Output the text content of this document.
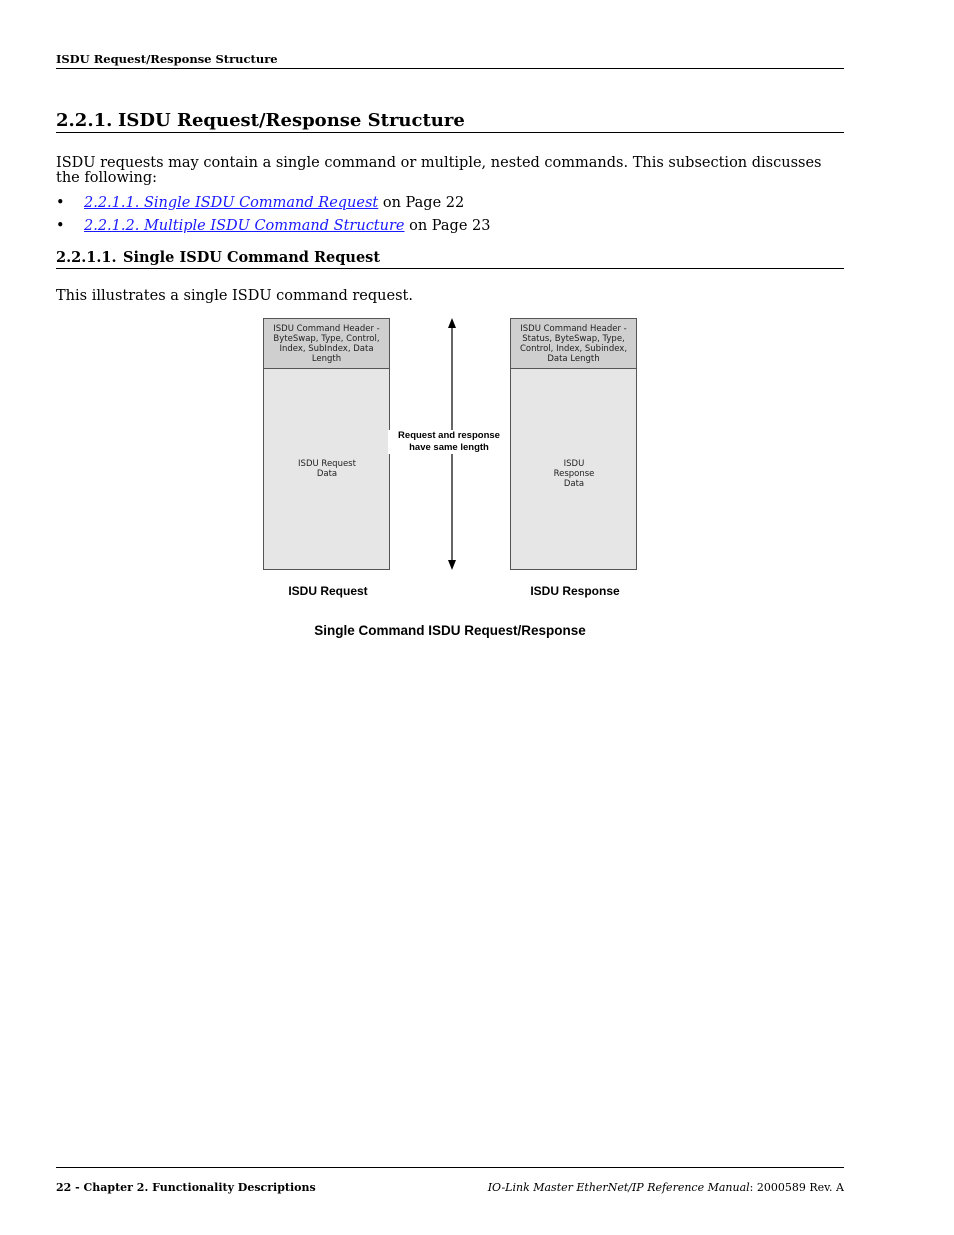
ISDU Request/Response Structure
2.2.1. ISDU Request/Response Structure

ISDU requests may contain a single command or multiple, nested commands. This subsection discusses the following:

• 2.2.1.1. Single ISDU Command Request on Page 22
• 2.2.1.2. Multiple ISDU Command Structure on Page 23
2.2.1.1. Single ISDU Command Request

This illustrates a single ISDU command request.

ISDU Command Header - ByteSwap, Type, Control, Index, SubIndex, Data Length
ISDU Request Data
ISDU Command Header - Status, ByteSwap, Type, Control, Index, Subindex, Data Length
ISDU Response Data
Request and response have same length
ISDU Request	ISDU Response
Single Command ISDU Request/Response
22 - Chapter 2. Functionality Descriptions	IO-Link Master EtherNet/IP Reference Manual: 2000589 Rev. A
